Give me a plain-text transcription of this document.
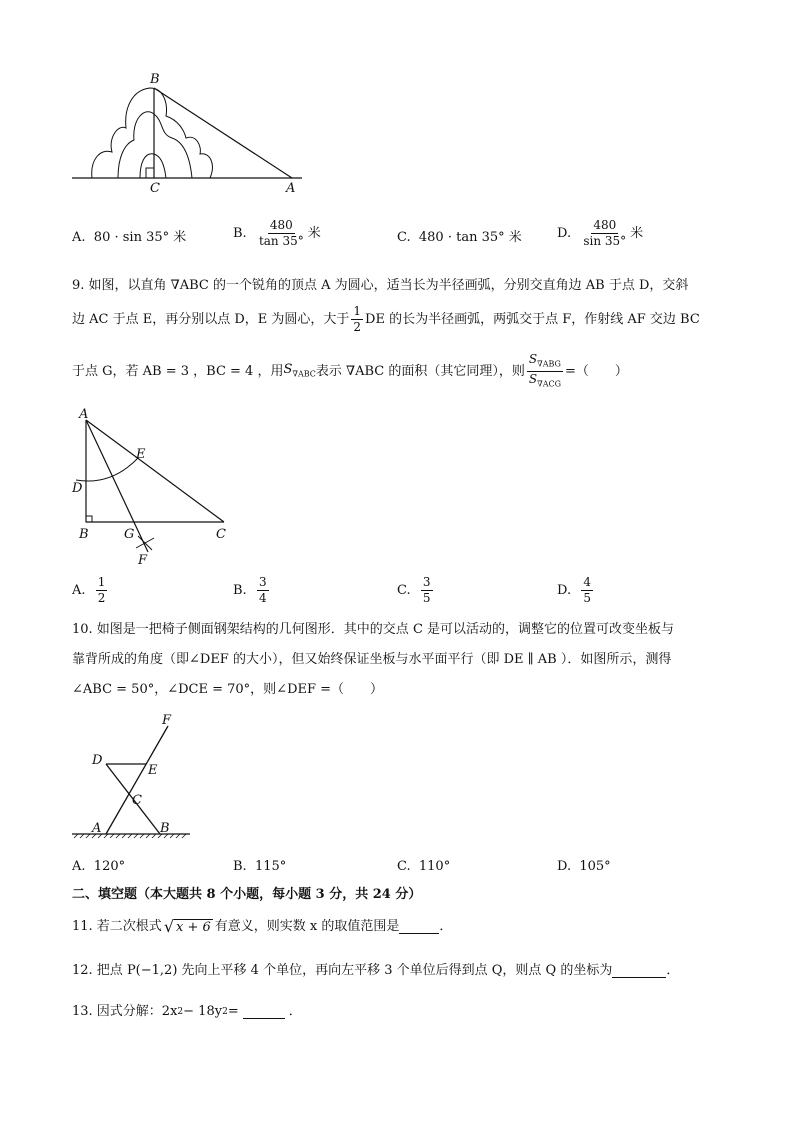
B
C	A
A. 80 · sin 35° 米	B.
$\frac{480}{\tan 35^\circ}$ 米	C. 480 · tan 35° 米	D.
$\frac{480}{\sin 35^\circ}$ 米
9. 如图，以直角 ∇ABC 的一个锐角的顶点 A 为圆心，适当长为半径画弧，分别交直角边 AB 于点 D，交斜
边 AC 于点 E，再分别以点 D，E 为圆心，大于 $\frac{1}{2}$ DE 的长为半径画弧，两弧交于点 F，作射线 AF 交边 BC
于点 G，若 AB = 3 ，BC = 4 ，用 $S_{\nabla ABC}$ 表示 ∇ABC 的面积（其它同理），则 $\frac{S_{\nabla ABG}}{S_{\nabla ACG}}$ =（　　）
A
E
D
B	G	C
F
A.
$\frac{1}{2}$	B.
$\frac{3}{4}$	C.
$\frac{3}{5}$	D.
$\frac{4}{5}$
10. 如图是一把椅子侧面钢架结构的几何图形．其中的交点 C 是可以活动的，调整它的位置可改变坐板与
靠背所成的角度（即∠DEF 的大小），但又始终保证坐板与水平面平行（即 DE ∥ AB ）．如图所示，测得
∠ABC = 50°，∠DCE = 70°，则∠DEF =（　　）
F
D
E
C
A	B
A. 120°	B. 115°	C. 110°	D. 105°
二、填空题（本大题共 8 个小题，每小题 3 分，共 24 分）
11. 若二次根式 √ x + 6 有意义，则实数 x 的取值范围是	．
12. 把点 P(−1,2) 先向上平移 4 个单位，再向左平移 3 个单位后得到点 Q，则点 Q 的坐标为	．
13. 因式分解：2x 2 − 18y 2 =	．
